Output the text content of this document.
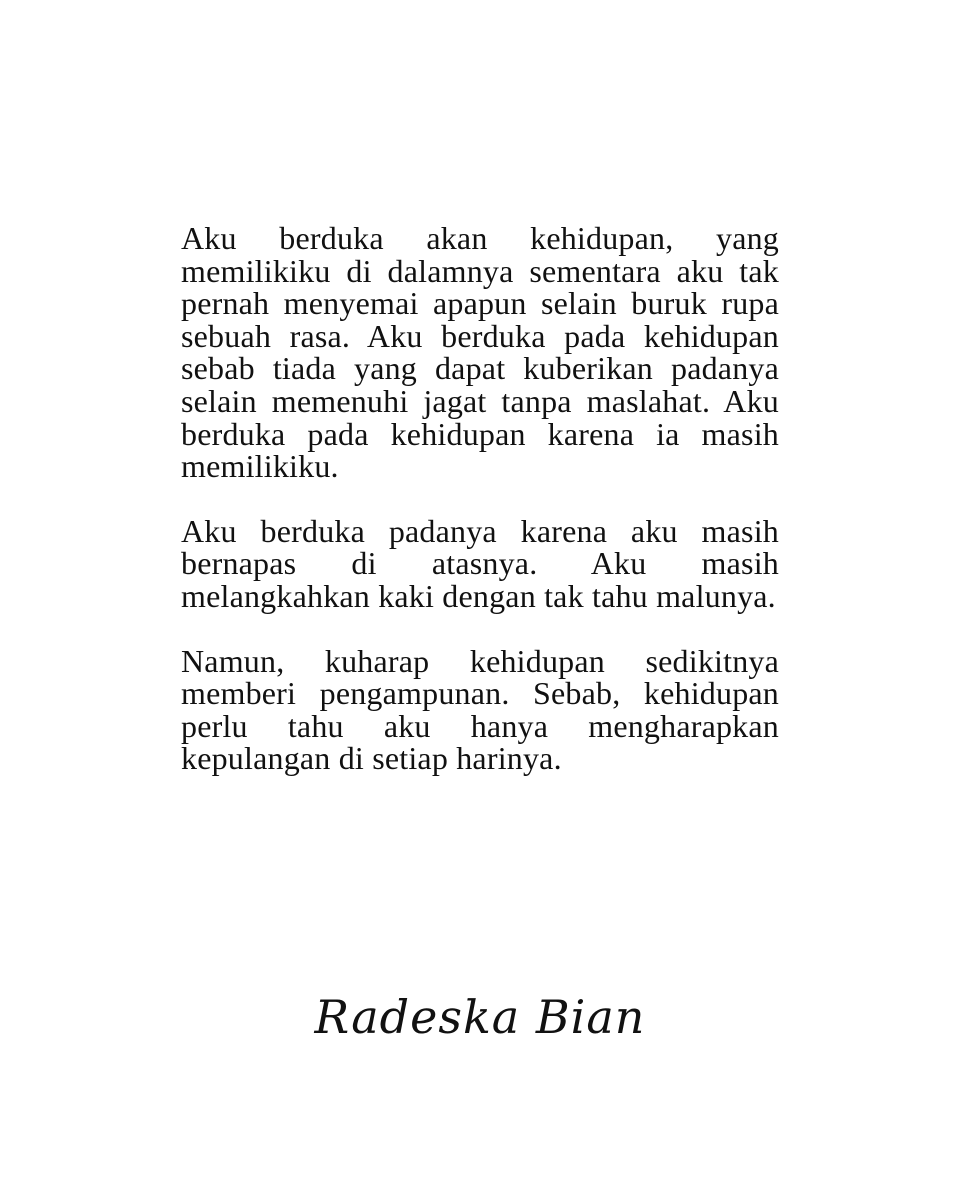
Aku berduka akan kehidupan, yang memilikiku di dalamnya sementara aku tak pernah menyemai apapun selain buruk rupa sebuah rasa. Aku berduka pada kehidupan sebab tiada yang dapat kuberikan padanya selain memenuhi jagat tanpa maslahat. Aku berduka pada kehidupan karena ia masih memilikiku.

Aku berduka padanya karena aku masih bernapas di atasnya. Aku masih melangkahkan kaki dengan tak tahu malunya.

Namun, kuharap kehidupan sedikitnya memberi pengampunan. Sebab, kehidupan perlu tahu aku hanya mengharapkan kepulangan di setiap harinya.

Radeska Bian
